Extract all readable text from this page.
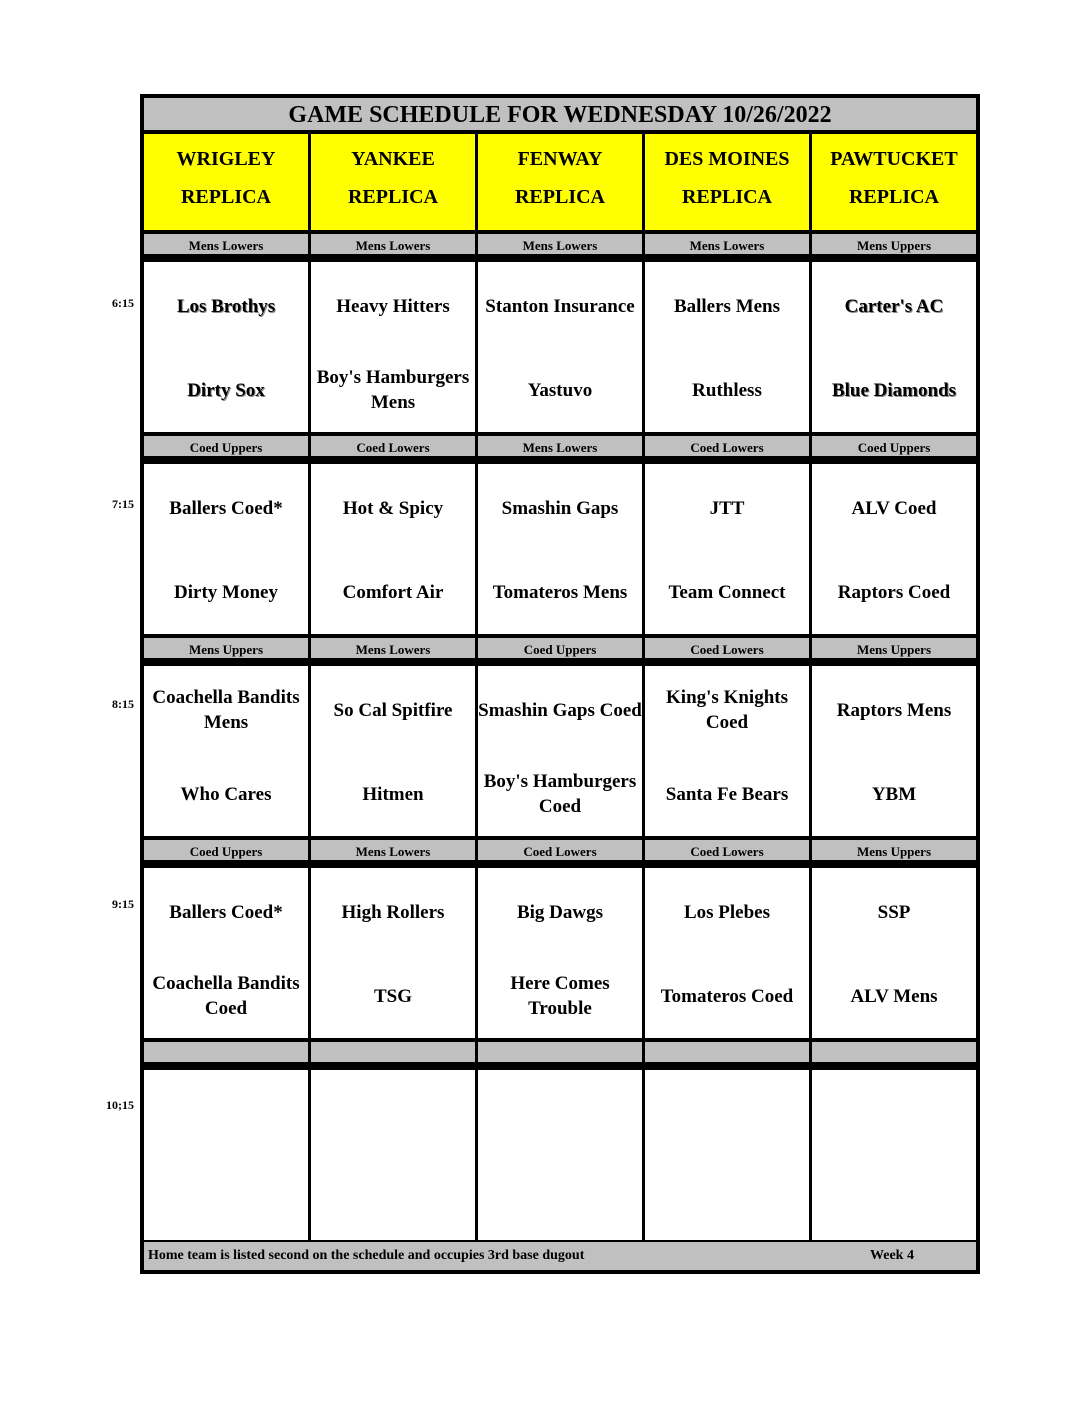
GAME SCHEDULE FOR WEDNESDAY 10/26/2022
WRIGLEY
REPLICA
Mens Lowers
Los Brothys
Dirty Sox
Coed Uppers
Ballers Coed*
Dirty Money
Mens Uppers
Coachella Bandits Mens
Who Cares
Coed Uppers
Ballers Coed*
Coachella Bandits Coed
YANKEE
REPLICA
Mens Lowers
Heavy Hitters
Boy's Hamburgers Mens
Coed Lowers
Hot & Spicy
Comfort Air
Mens Lowers
So Cal Spitfire
Hitmen
Mens Lowers
High Rollers
TSG
FENWAY
REPLICA
Mens Lowers
Stanton Insurance
Yastuvo
Mens Lowers
Smashin Gaps
Tomateros Mens
Coed Uppers
Smashin Gaps Coed
Boy's Hamburgers Coed
Coed Lowers
Big Dawgs
Here Comes Trouble
DES MOINES
REPLICA
Mens Lowers
Ballers Mens
Ruthless
Coed Lowers
JTT
Team Connect
Coed Lowers
King's Knights Coed
Santa Fe Bears
Coed Lowers
Los Plebes
Tomateros Coed
PAWTUCKET
REPLICA
Mens Uppers
Carter's AC
Blue Diamonds
Coed Uppers
ALV Coed
Raptors Coed
Mens Uppers
Raptors Mens
YBM
Mens Uppers
SSP
ALV Mens
Home team is listed second on the schedule and occupies 3rd base dugout	Week 4
6:15
7:15
8:15
9:15
10;15
